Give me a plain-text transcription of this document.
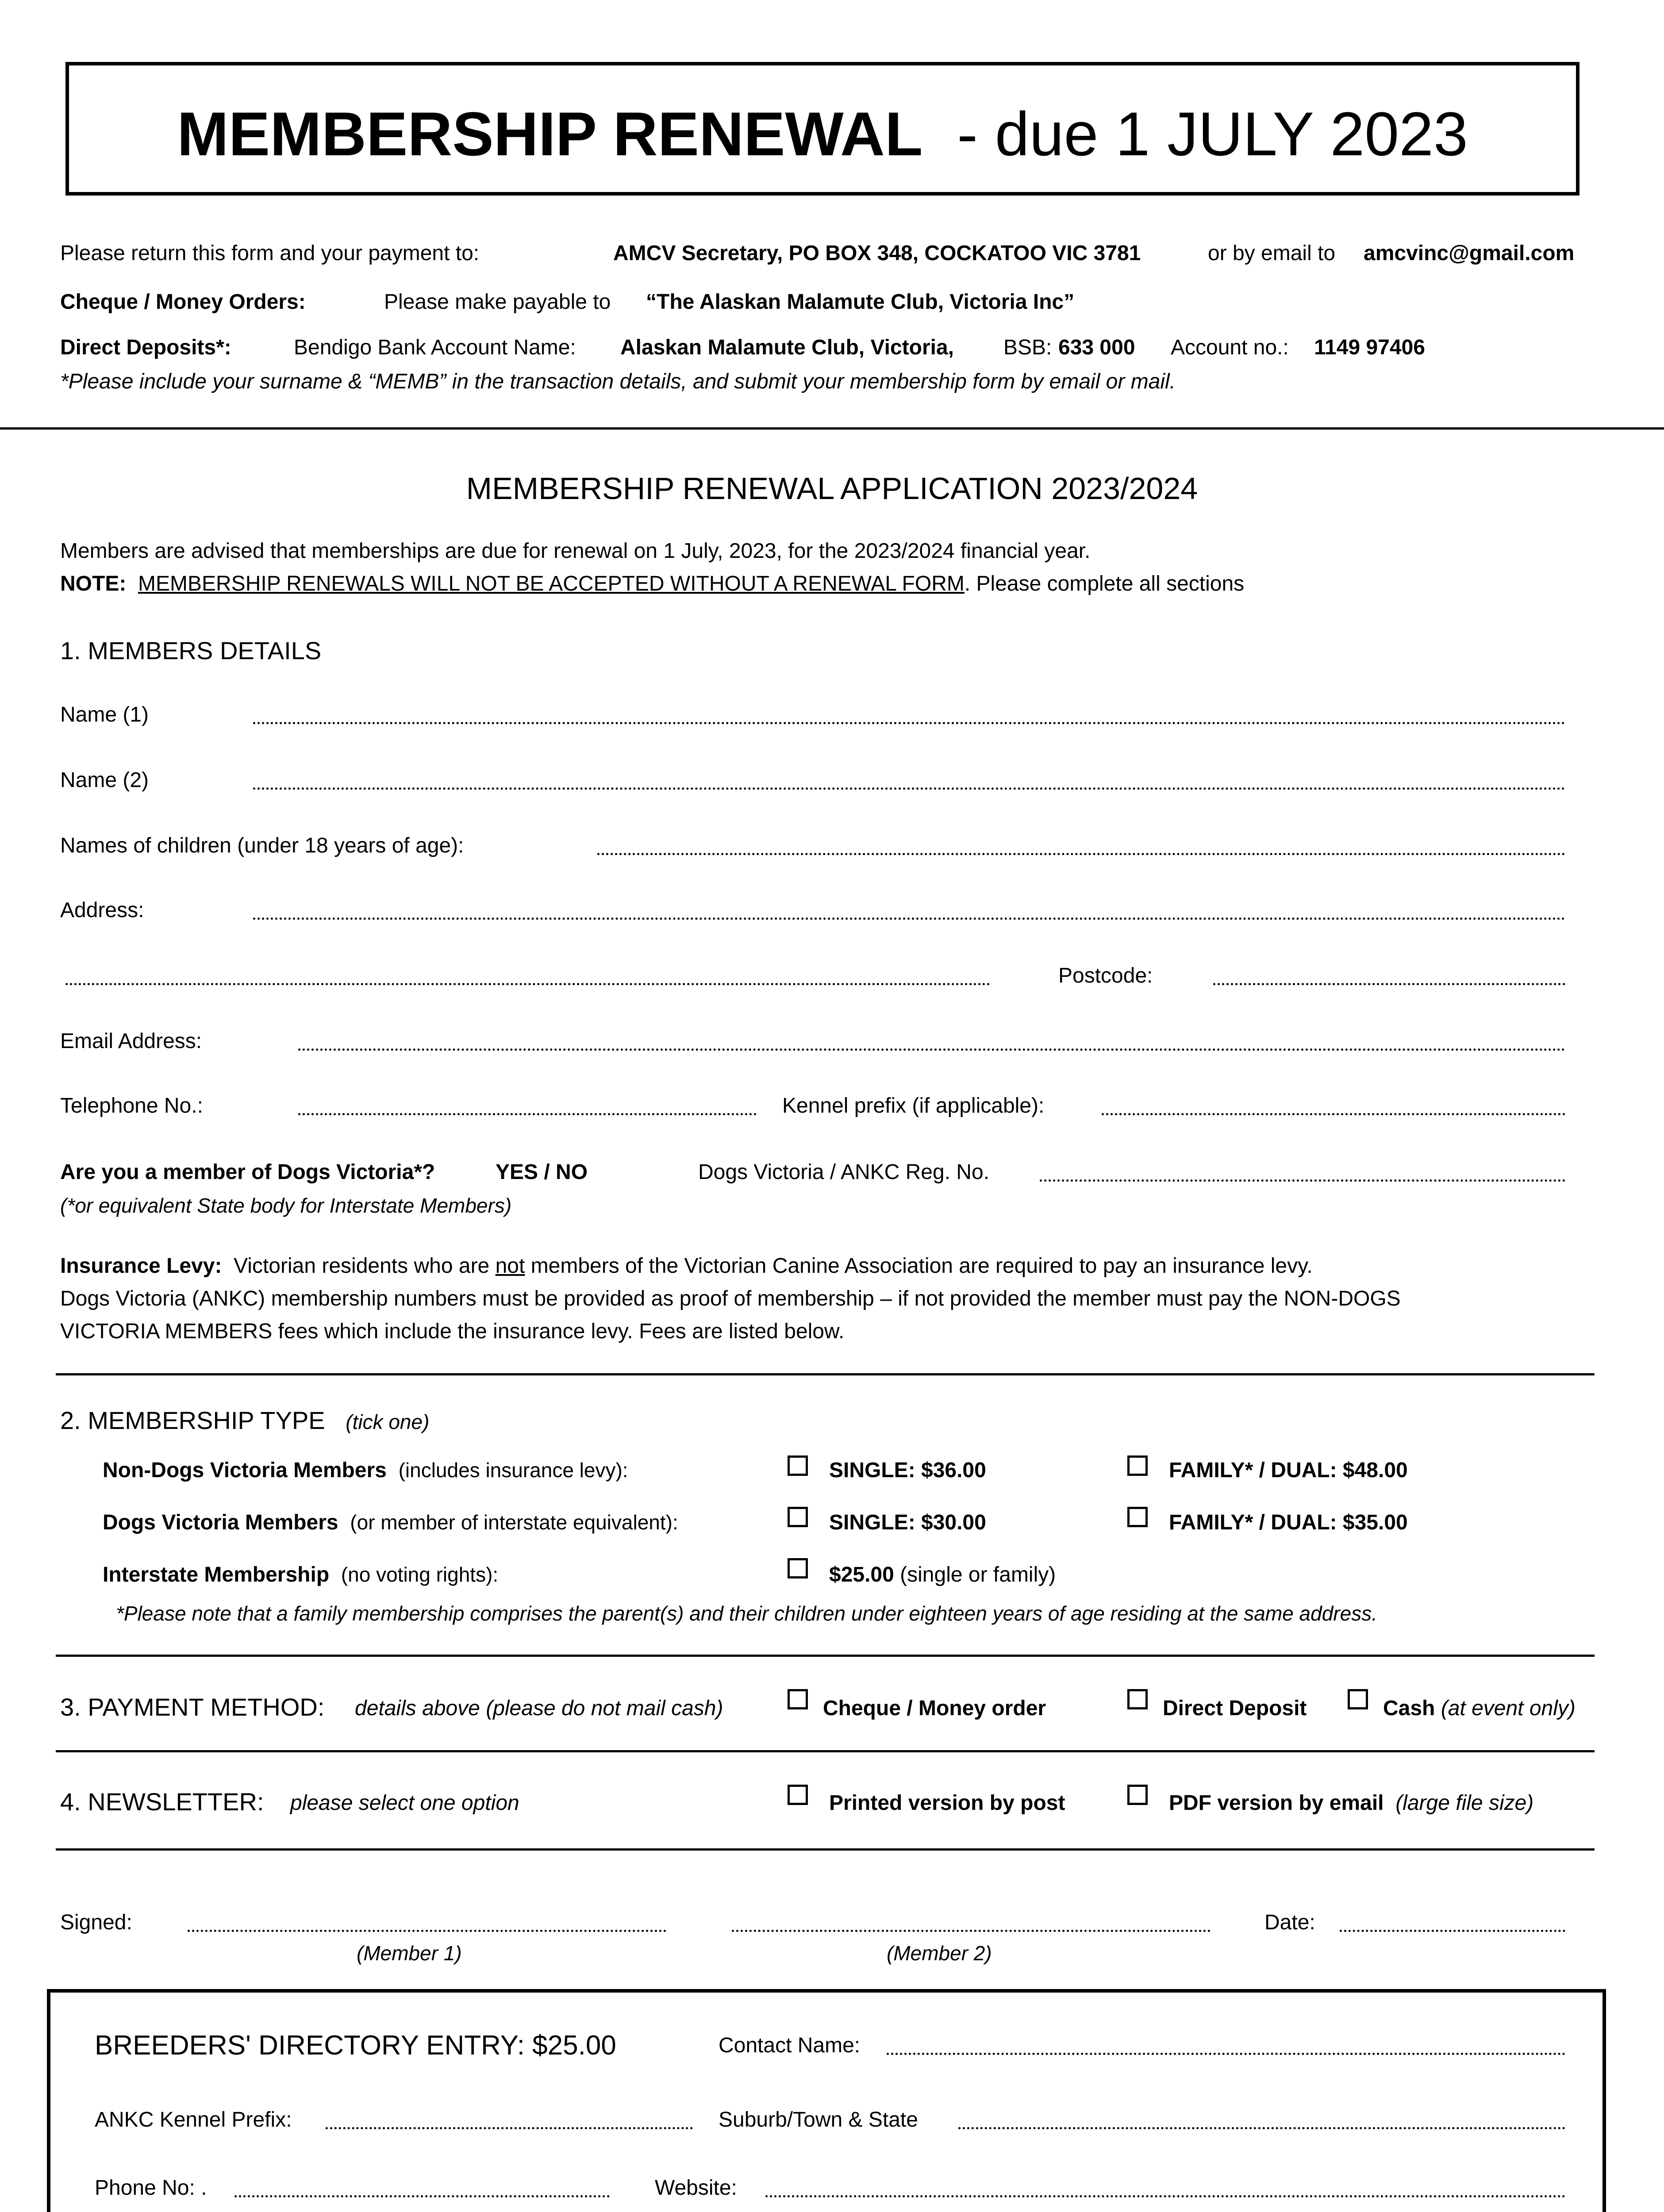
MEMBERSHIP RENEWAL - due 1 JULY 2023
Please return this form and your payment to:	AMCV Secretary, PO BOX 348, COCKATOO VIC 3781	or by email to amcvinc@gmail.com
Cheque / Money Orders:	Please make payable to “The Alaskan Malamute Club, Victoria Inc”
Direct Deposits*:	Bendigo Bank Account Name: Alaskan Malamute Club, Victoria, BSB: 633 000 Account no.: 1149 97406
*Please include your surname & “MEMB” in the transaction details, and submit your membership form by email or mail.
MEMBERSHIP RENEWAL APPLICATION 2023/2024
Members are advised that memberships are due for renewal on 1 July, 2023, for the 2023/2024 financial year.
NOTE: MEMBERSHIP RENEWALS WILL NOT BE ACCEPTED WITHOUT A RENEWAL FORM. Please complete all sections
1. MEMBERS DETAILS
Name (1)
Name (2)
Names of children (under 18 years of age):
Address:
Postcode:
Email Address:
Telephone No.:	Kennel prefix (if applicable):
Are you a member of Dogs Victoria*?	YES / NO	Dogs Victoria / ANKC Reg. No.
(*or equivalent State body for Interstate Members)
Insurance Levy: Victorian residents who are not members of the Victorian Canine Association are required to pay an insurance levy.
Dogs Victoria (ANKC) membership numbers must be provided as proof of membership – if not provided the member must pay the NON-DOGS
VICTORIA MEMBERS fees which include the insurance levy. Fees are listed below.
2. MEMBERSHIP TYPE (tick one)
Non-Dogs Victoria Members (includes insurance levy):	SINGLE: $36.00	FAMILY* / DUAL: $48.00
Dogs Victoria Members (or member of interstate equivalent):	SINGLE: $30.00	FAMILY* / DUAL: $35.00
Interstate Membership (no voting rights):	$25.00 (single or family)
*Please note that a family membership comprises the parent(s) and their children under eighteen years of age residing at the same address.
3. PAYMENT METHOD: details above (please do not mail cash)	Cheque / Money order	Direct Deposit	Cash (at event only)
4. NEWSLETTER: please select one option	Printed version by post	PDF version by email (large file size)
Signed:
(Member 1)	(Member 2)
Date:
BREEDERS' DIRECTORY ENTRY: $25.00	Contact Name:
ANKC Kennel Prefix:	Suburb/Town & State
Phone No: .	Website:
